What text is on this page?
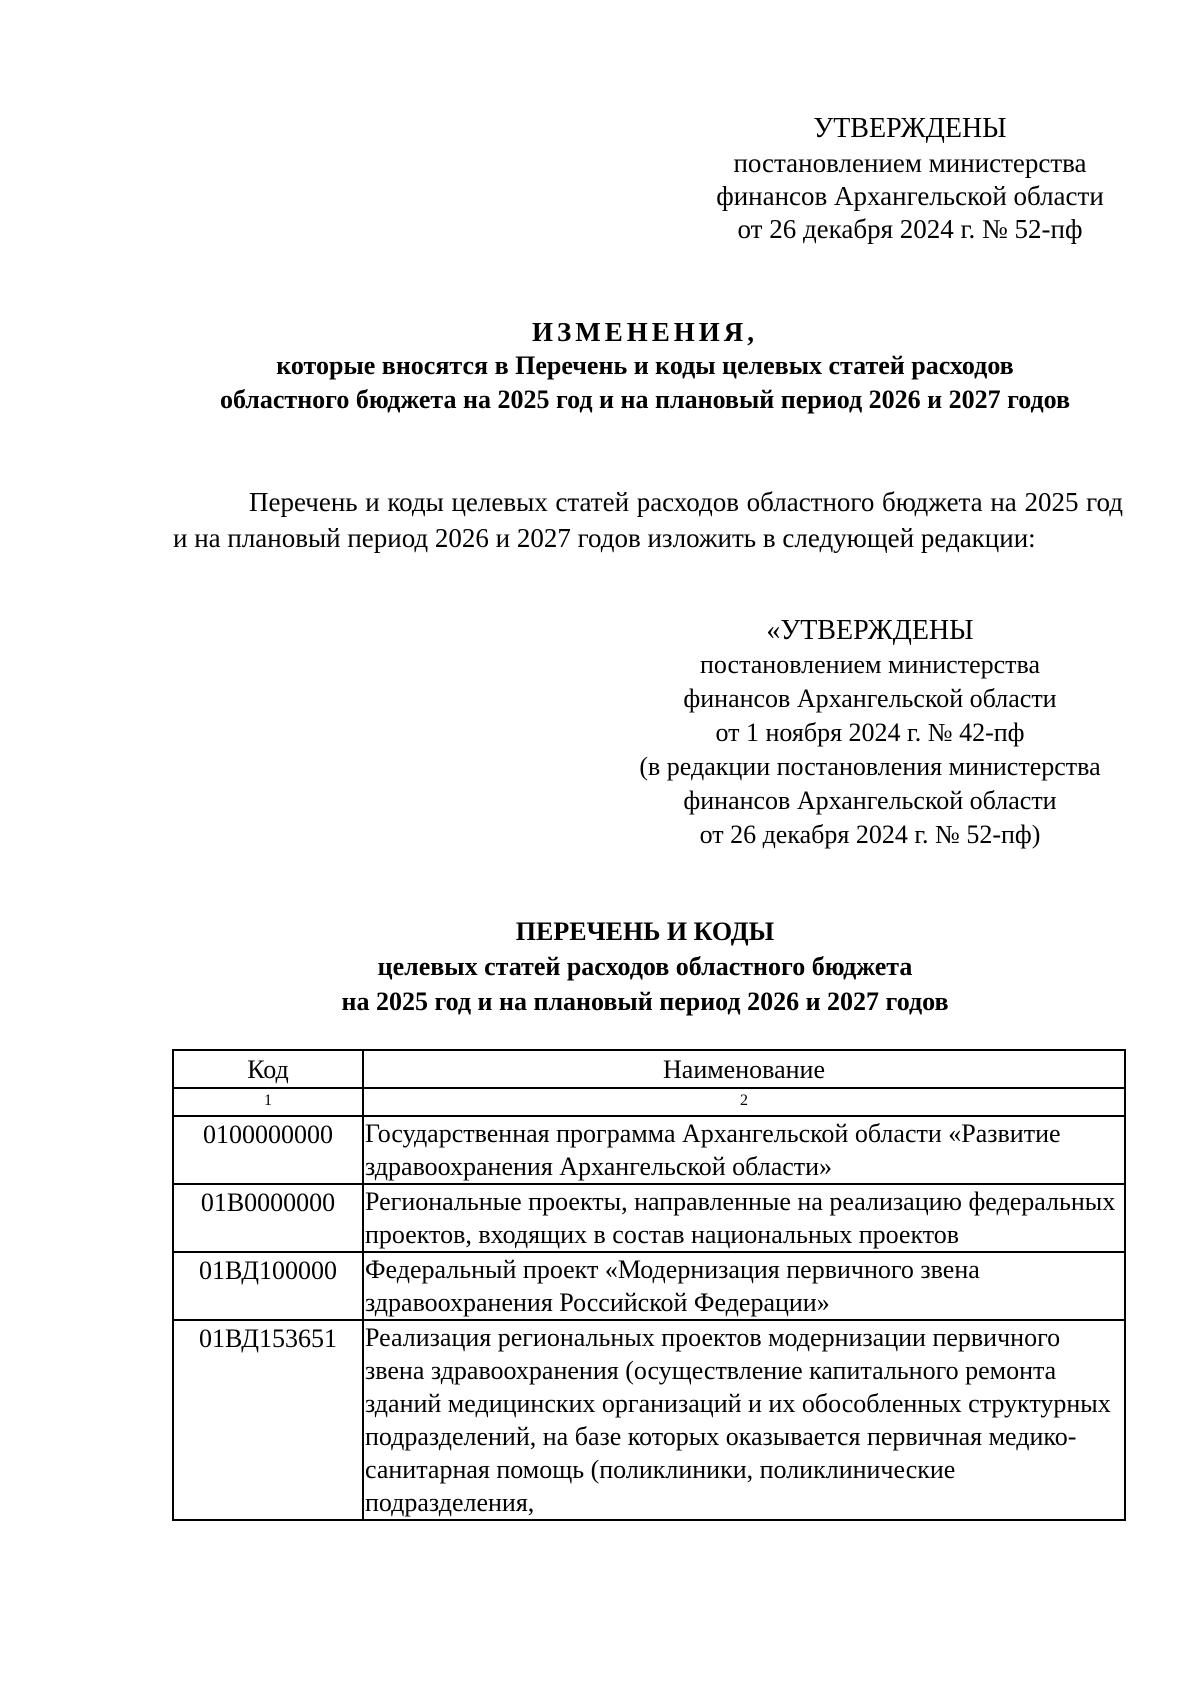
УТВЕРЖДЕНЫ
постановлением министерства
финансов Архангельской области
от 26 декабря 2024 г. № 52-пф
ИЗМЕНЕНИЯ,
которые вносятся в Перечень и коды целевых статей расходов
областного бюджета на 2025 год и на плановый период 2026 и 2027 годов
Перечень и коды целевых статей расходов областного бюджета на 2025 год и на плановый период 2026 и 2027 годов изложить в следующей редакции:
«УТВЕРЖДЕНЫ
постановлением министерства
финансов Архангельской области
от 1 ноября 2024 г. № 42-пф
(в редакции постановления министерства
финансов Архангельской области
от 26 декабря 2024 г. № 52-пф)
ПЕРЕЧЕНЬ И КОДЫ
целевых статей расходов областного бюджета
на 2025 год и на плановый период 2026 и 2027 годов
Код	Наименование
1	2
0100000000	Государственная программа Архангельской области «Развитие здравоохранения Архангельской области»
01В0000000	Региональные проекты, направленные на реализацию федеральных проектов, входящих в состав национальных проектов
01ВД100000	Федеральный проект «Модернизация первичного звена здравоохранения Российской Федерации»
01ВД153651	Реализация региональных проектов модернизации первичного звена здравоохранения (осуществление капитального ремонта зданий медицинских организаций и их обособленных структурных подразделений, на базе которых оказывается первичная медико-санитарная помощь (поликлиники, поликлинические подразделения,
